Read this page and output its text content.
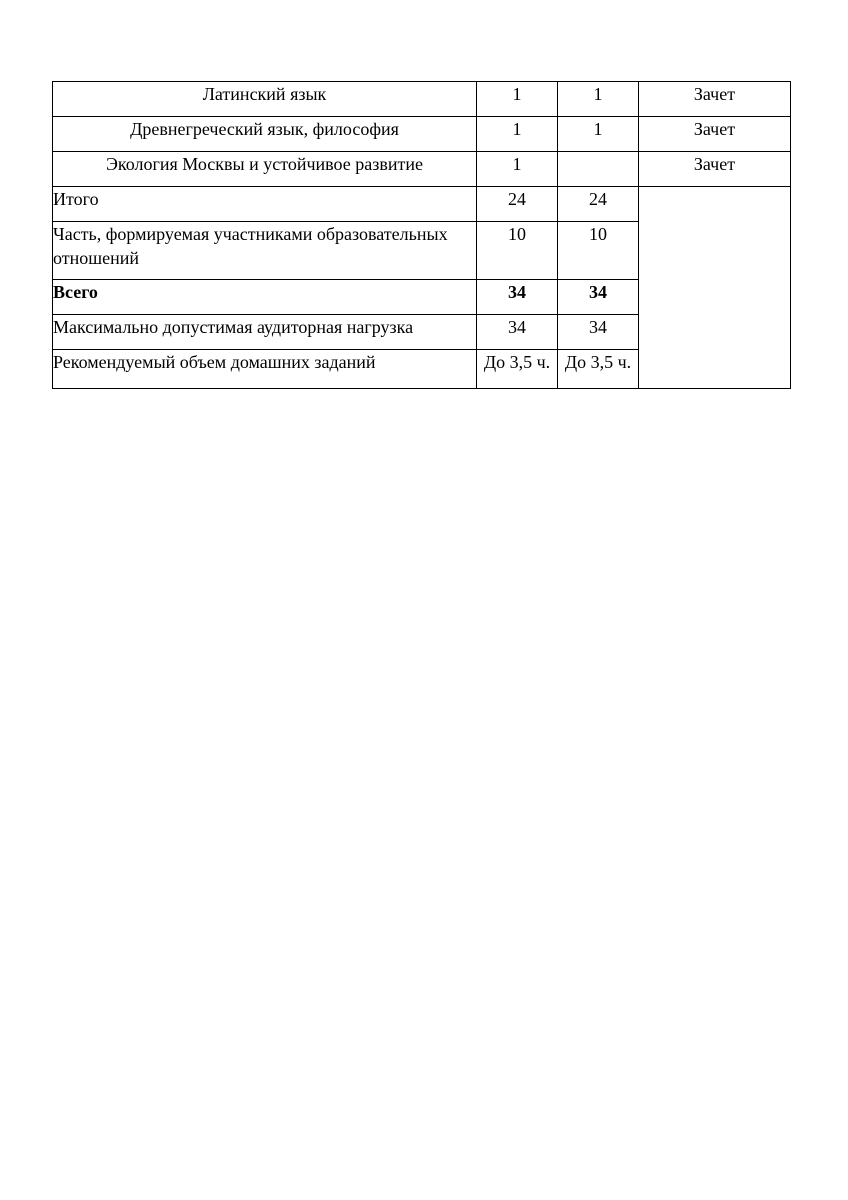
Латинский язык	1	1	Зачет
Древнегреческий язык, философия	1	1	Зачет
Экология Москвы и устойчивое развитие	1		Зачет
Итого	24	24	
Часть, формируемая участниками образовательных отношений	10	10	
Всего	34	34	
Максимально допустимая аудиторная нагрузка	34	34	
Рекомендуемый объем домашних заданий	До 3,5 ч.	До 3,5 ч.	
